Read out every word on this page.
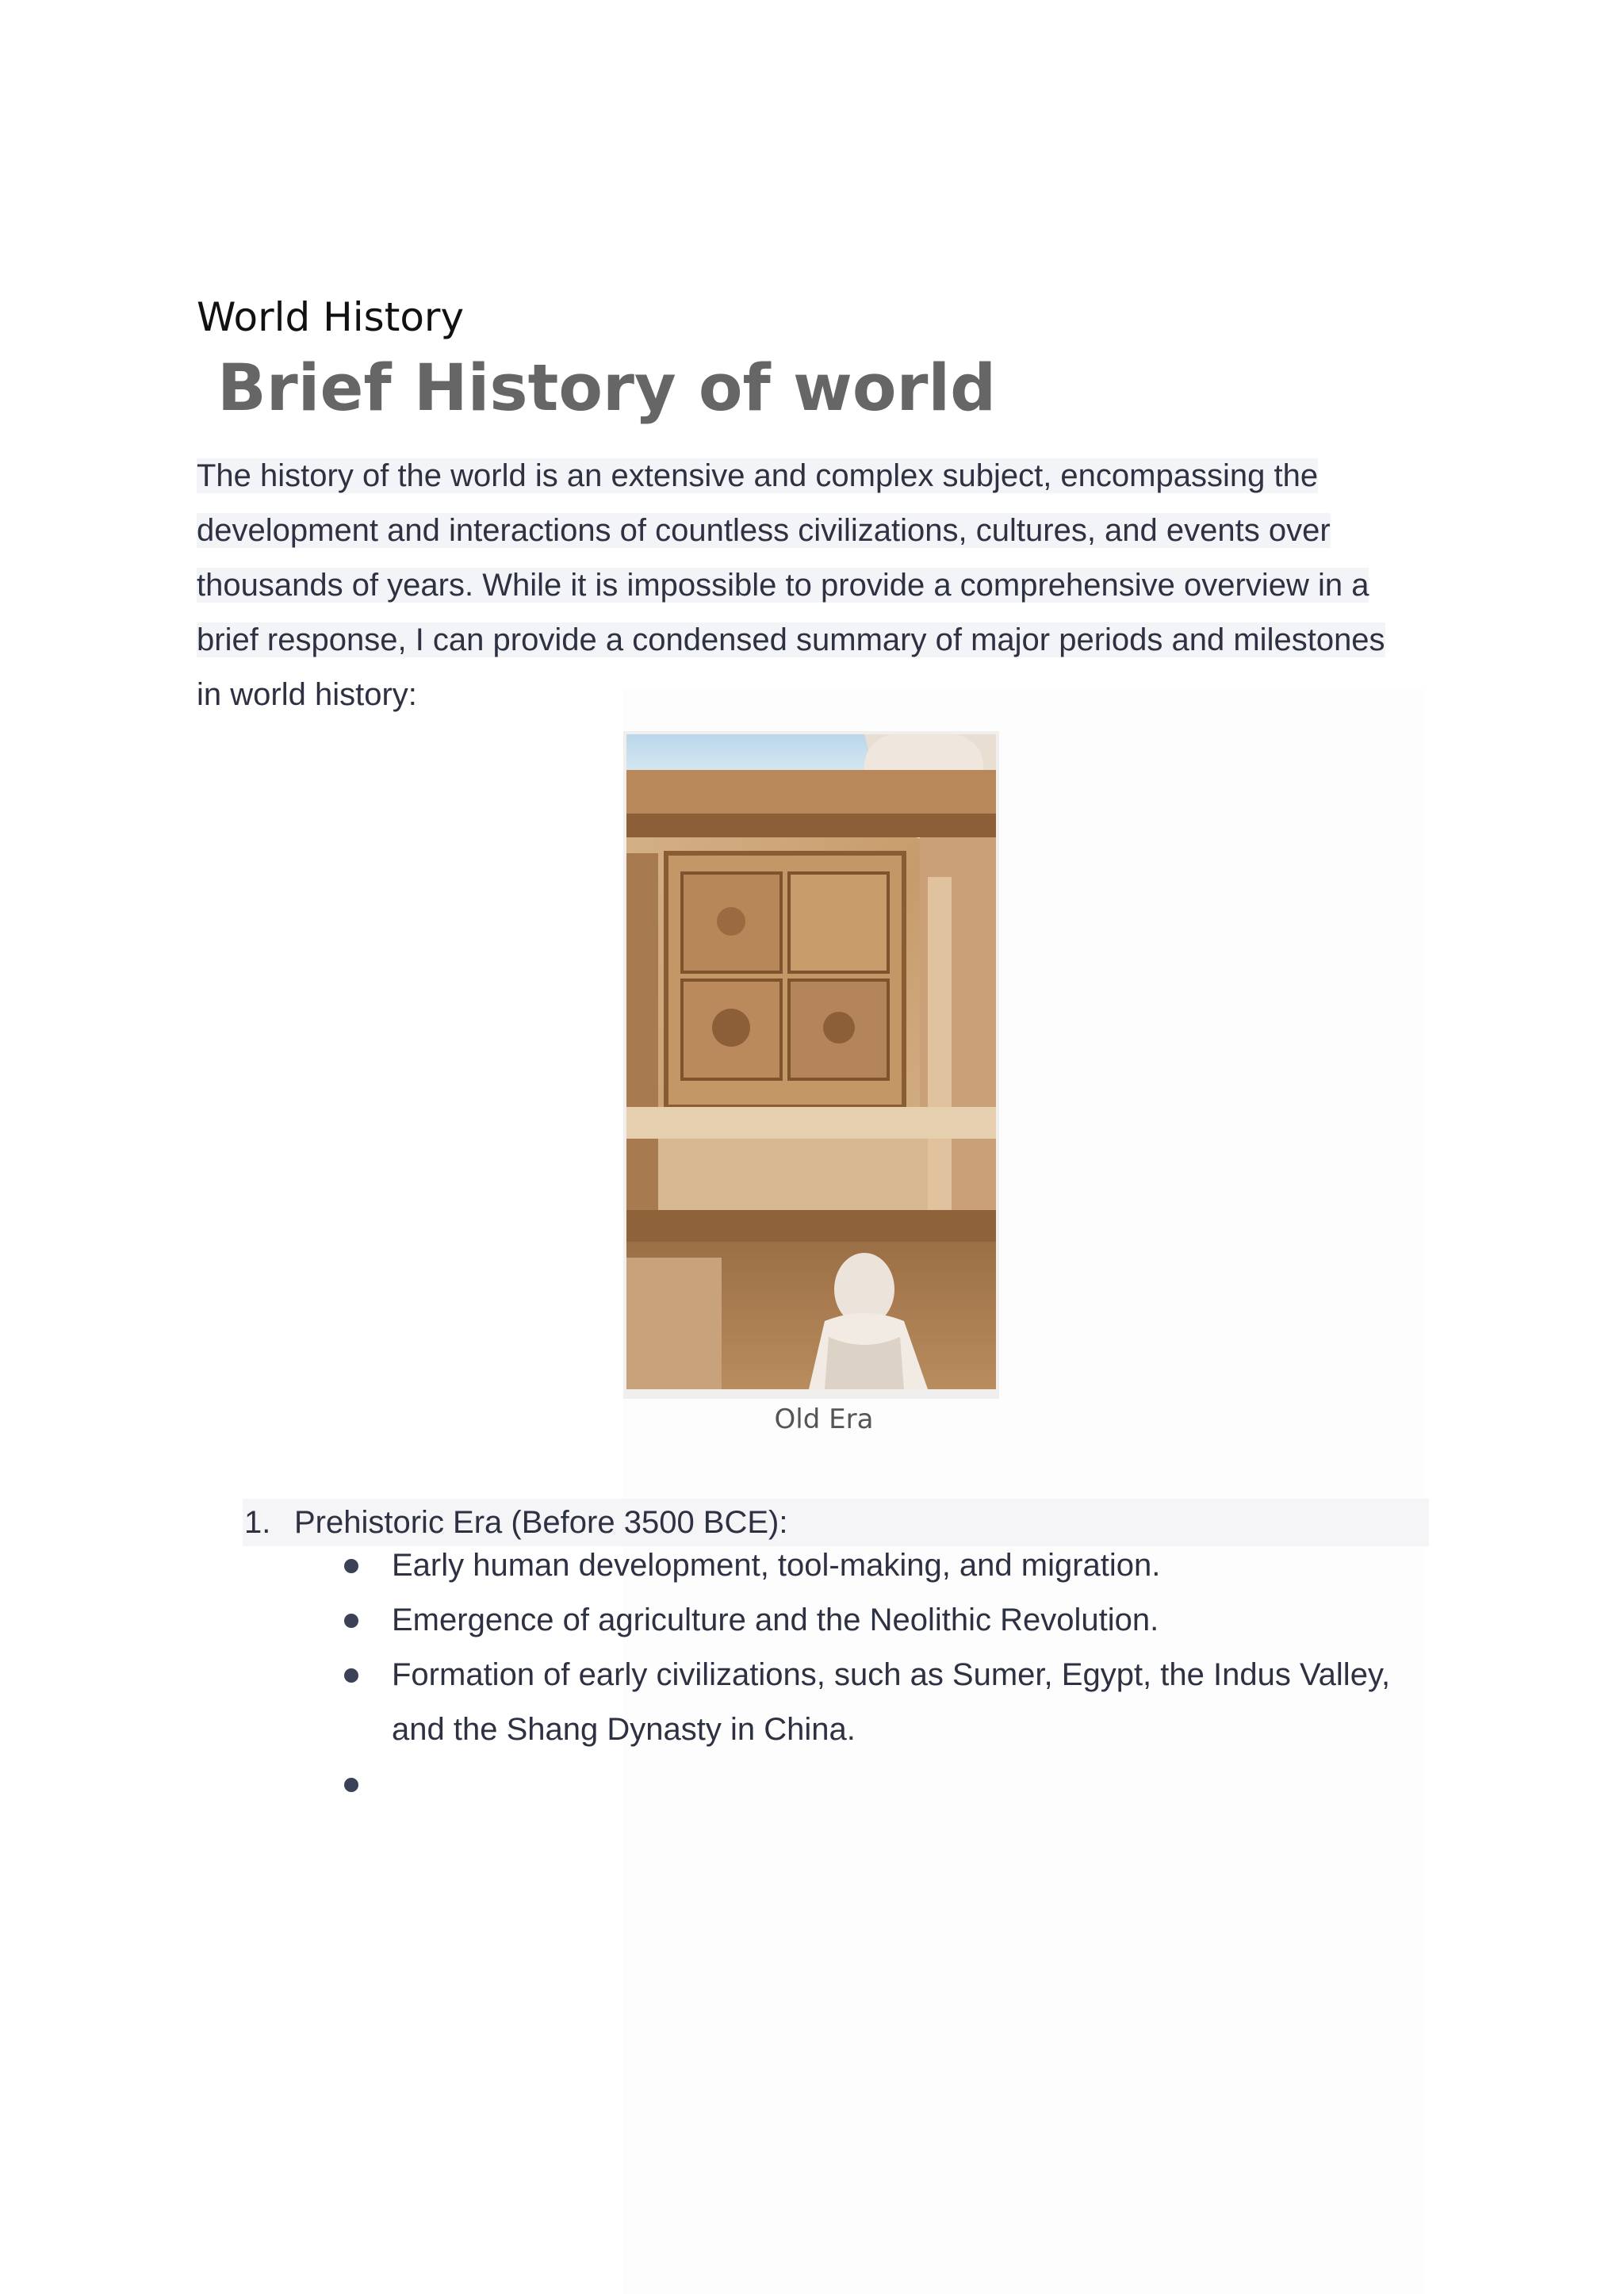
World History
Brief History of world
The history of the world is an extensive and complex subject, encompassing the
development and interactions of countless civilizations, cultures, and events over
thousands of years. While it is impossible to provide a comprehensive overview in a
brief response, I can provide a condensed summary of major periods and milestones
in world history:
Old Era
1. Prehistoric Era (Before 3500 BCE):
Early human development, tool-making, and migration.
Emergence of agriculture and the Neolithic Revolution.
Formation of early civilizations, such as Sumer, Egypt, the Indus Valley,
and the Shang Dynasty in China.
